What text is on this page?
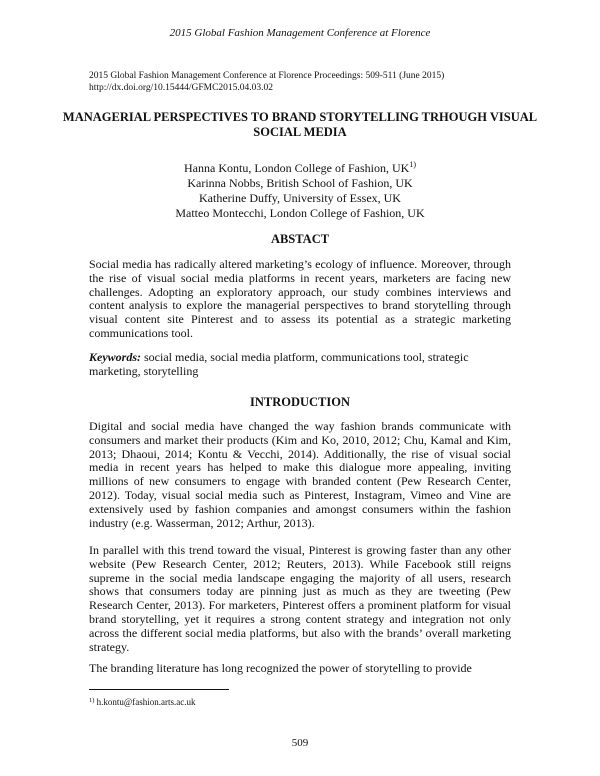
2015 Global Fashion Management Conference at Florence
2015 Global Fashion Management Conference at Florence Proceedings: 509-511 (June 2015)
http://dx.doi.org/10.15444/GFMC2015.04.03.02
MANAGERIAL PERSPECTIVES TO BRAND STORYTELLING TRHOUGH VISUAL SOCIAL MEDIA
Hanna Kontu, London College of Fashion, UK$^{1)}$
Karinna Nobbs, British School of Fashion, UK
Katherine Duffy, University of Essex, UK
Matteo Montecchi, London College of Fashion, UK
ABSTACT
Social media has radically altered marketing’s ecology of influence. Moreover, through the rise of visual social media platforms in recent years, marketers are facing new challenges. Adopting an exploratory approach, our study combines interviews and content analysis to explore the managerial perspectives to brand storytelling through visual content site Pinterest and to assess its potential as a strategic marketing communications tool.
Keywords: social media, social media platform, communications tool, strategic marketing, storytelling
INTRODUCTION
Digital and social media have changed the way fashion brands communicate with consumers and market their products (Kim and Ko, 2010, 2012; Chu, Kamal and Kim, 2013; Dhaoui, 2014; Kontu & Vecchi, 2014). Additionally, the rise of visual social media in recent years has helped to make this dialogue more appealing, inviting millions of new consumers to engage with branded content (Pew Research Center, 2012). Today, visual social media such as Pinterest, Instagram, Vimeo and Vine are extensively used by fashion companies and amongst consumers within the fashion industry (e.g. Wasserman, 2012; Arthur, 2013).
In parallel with this trend toward the visual, Pinterest is growing faster than any other website (Pew Research Center, 2012; Reuters, 2013). While Facebook still reigns supreme in the social media landscape engaging the majority of all users, research shows that consumers today are pinning just as much as they are tweeting (Pew Research Center, 2013). For marketers, Pinterest offers a prominent platform for visual brand storytelling, yet it requires a strong content strategy and integration not only across the different social media platforms, but also with the brands’ overall marketing strategy.
The branding literature has long recognized the power of storytelling to provide
$^{1)}$ h.kontu@fashion.arts.ac.uk
509
